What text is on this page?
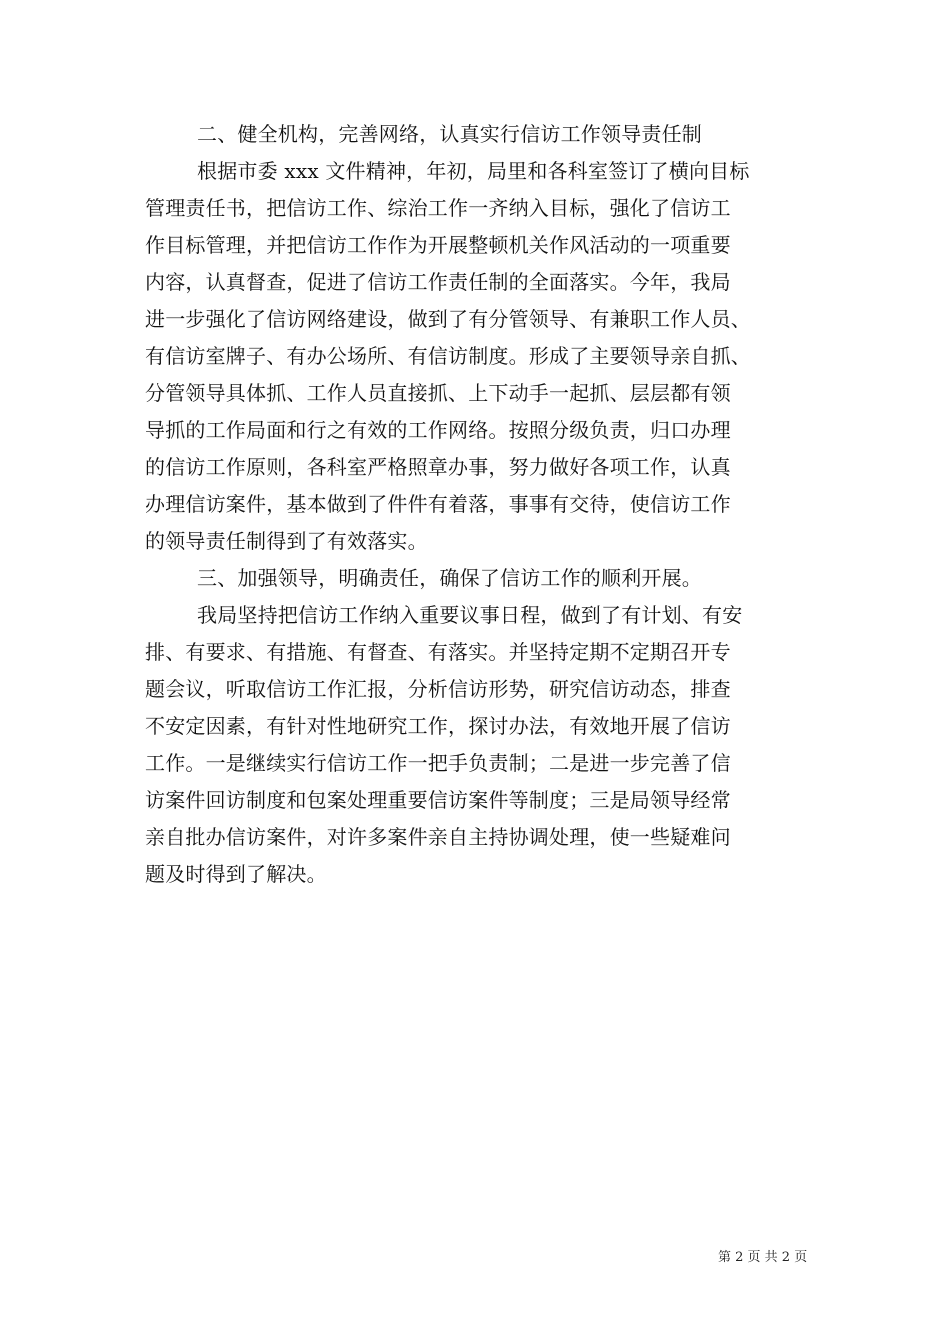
二、健全机构，完善网络，认真实行信访工作领导责任制
根据市委 xxx 文件精神，年初，局里和各科室签订了横向目标
管理责任书，把信访工作、综治工作一齐纳入目标，强化了信访工
作目标管理，并把信访工作作为开展整顿机关作风活动的一项重要
内容，认真督查，促进了信访工作责任制的全面落实。今年，我局
进一步强化了信访网络建设，做到了有分管领导、有兼职工作人员、
有信访室牌子、有办公场所、有信访制度。形成了主要领导亲自抓、
分管领导具体抓、工作人员直接抓、上下动手一起抓、层层都有领
导抓的工作局面和行之有效的工作网络。按照分级负责，归口办理
的信访工作原则，各科室严格照章办事，努力做好各项工作，认真
办理信访案件，基本做到了件件有着落，事事有交待，使信访工作
的领导责任制得到了有效落实。
三、加强领导，明确责任，确保了信访工作的顺利开展。
我局坚持把信访工作纳入重要议事日程，做到了有计划、有安
排、有要求、有措施、有督查、有落实。并坚持定期不定期召开专
题会议，听取信访工作汇报，分析信访形势，研究信访动态，排查
不安定因素，有针对性地研究工作，探讨办法，有效地开展了信访
工作。一是继续实行信访工作一把手负责制；二是进一步完善了信
访案件回访制度和包案处理重要信访案件等制度；三是局领导经常
亲自批办信访案件，对许多案件亲自主持协调处理，使一些疑难问
题及时得到了解决。
第 2 页 共 2 页
